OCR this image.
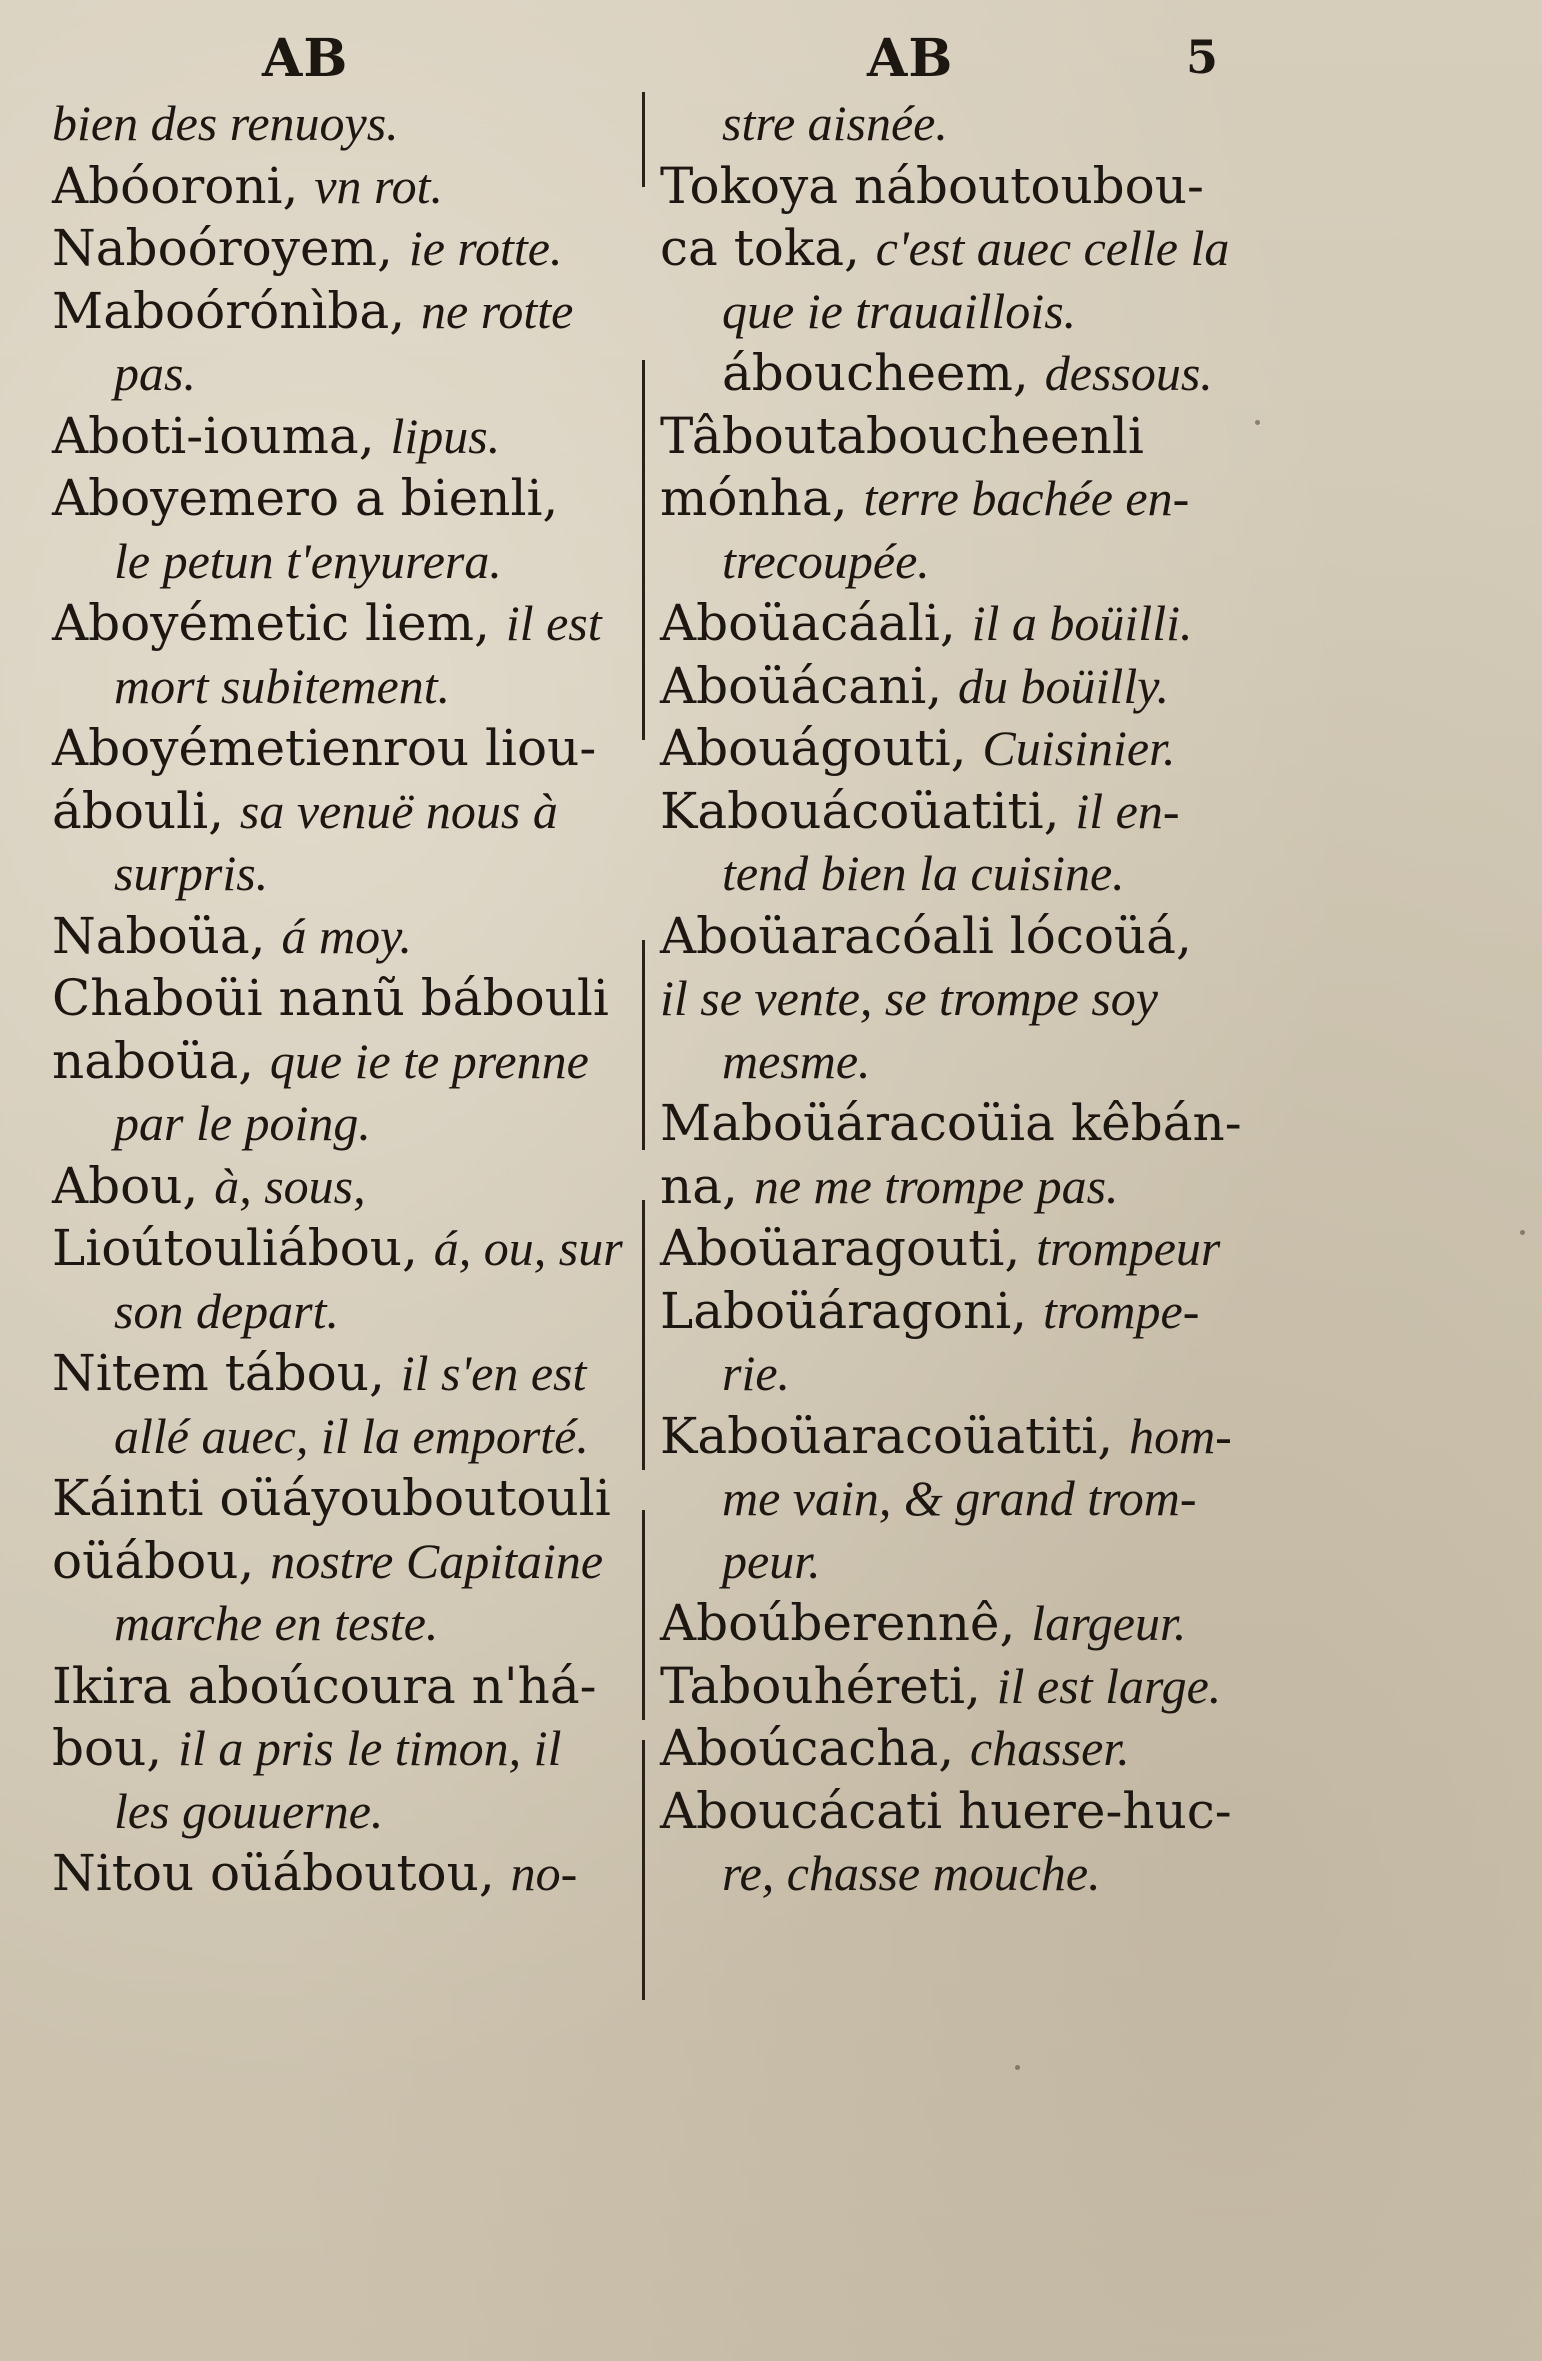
AB	AB	5
bien des renuoys.
Abóoroni, vn rot.
Naboóroyem, ie rotte.
Maboórónìba, ne rotte
pas.
Aboti-iouma, lipus.
Aboyemero a bienli,
le petun t'enyurera.
Aboyémetic liem, il est
mort subitement.
Aboyémetienrou liou-
ábouli, sa venuë nous à
surpris.
Naboüa, á moy.
Chaboüi nanũ bábouli
naboüa, que ie te prenne
par le poing.
Abou, à, sous,
Lioútouliábou, á, ou, sur
son depart.
Nitem tábou, il s'en est
allé auec, il la emporté.
Káinti oüáyouboutouli
oüábou, nostre Capitaine
marche en teste.
Ikira aboúcoura n'há-
bou, il a pris le timon, il
les gouuerne.
Nitou oüáboutou, no-
stre aisnée.
Tokoya náboutoubou-
ca toka, c'est auec celle la
que ie trauaillois.
áboucheem, dessous.
Tâboutaboucheenli
mónha, terre bachée en-
trecoupée.
Aboüacáali, il a boüilli.
Aboüácani, du boüilly.
Abouágouti, Cuisinier.
Kabouácoüatiti, il en-
tend bien la cuisine.
Aboüaracóali lócoüá,
il se vente, se trompe soy
mesme.
Maboüáracoüia kêbán-
na, ne me trompe pas.
Aboüaragouti, trompeur
Laboüáragoni, trompe-
rie.
Kaboüaracoüatiti, hom-
me vain, & grand trom-
peur.
Aboúberennê, largeur.
Tabouhéreti, il est large.
Aboúcacha, chasser.
Aboucácati huere-huc-
re, chasse mouche.
